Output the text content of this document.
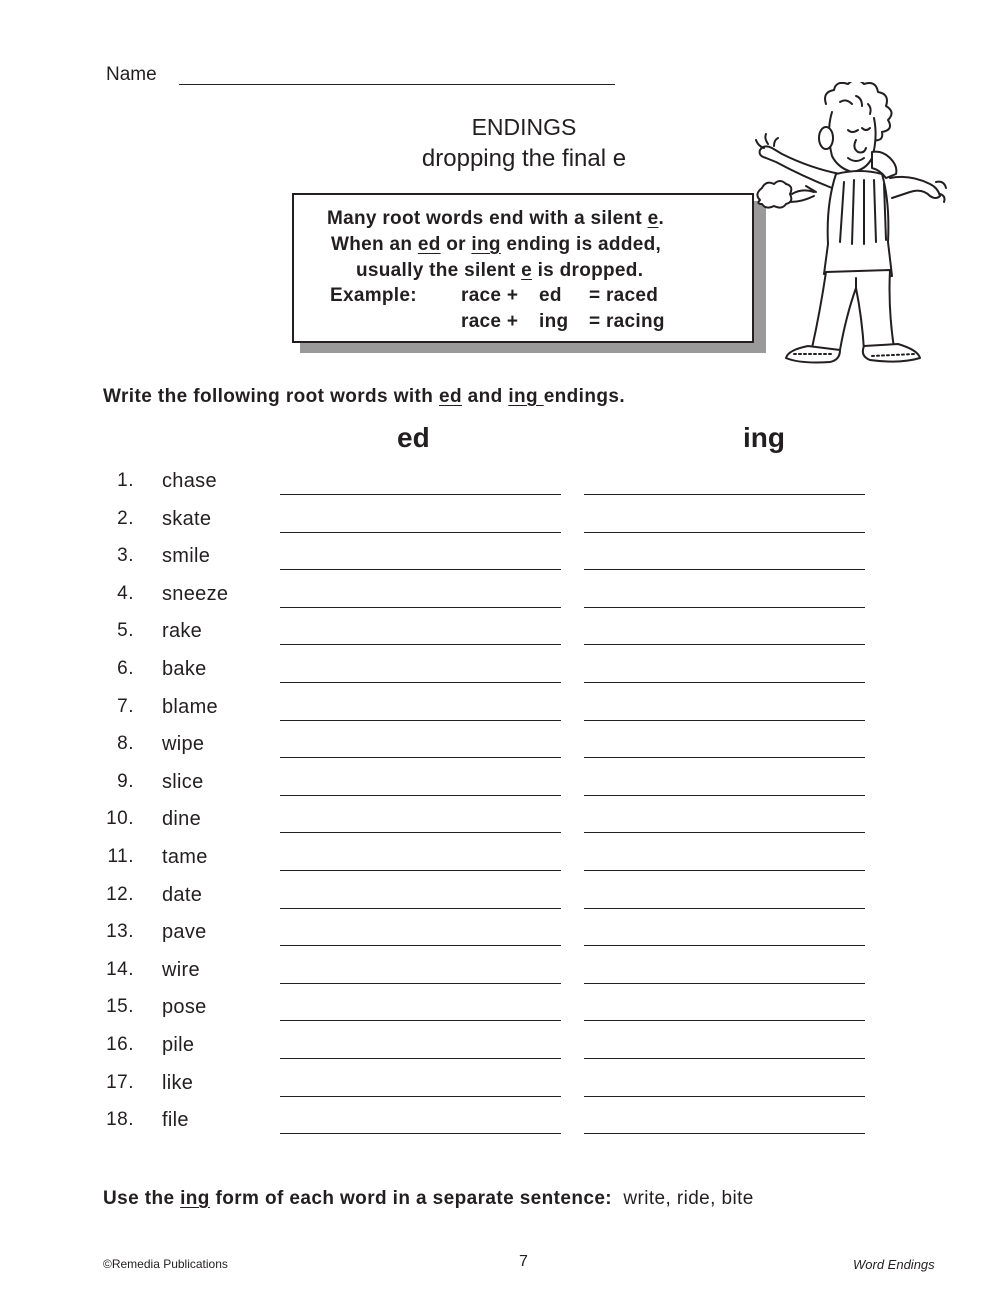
Name
ENDINGS
dropping the final e
Many root words end with a silent e.
When an ed or ing ending is added,
usually the silent e is dropped.
Example: race + ed = raced
race + ing = racing
Write the following root words with ed and ing endings.
ed	ing
1. chase
2. skate
3. smile
4. sneeze
5. rake
6. bake
7. blame
8. wipe
9. slice
10. dine
11. tame
12. date
13. pave
14. wire
15. pose
16. pile
17. like
18. file
Use the ing form of each word in a separate sentence: write, ride, bite
©Remedia Publications	7	Word Endings
